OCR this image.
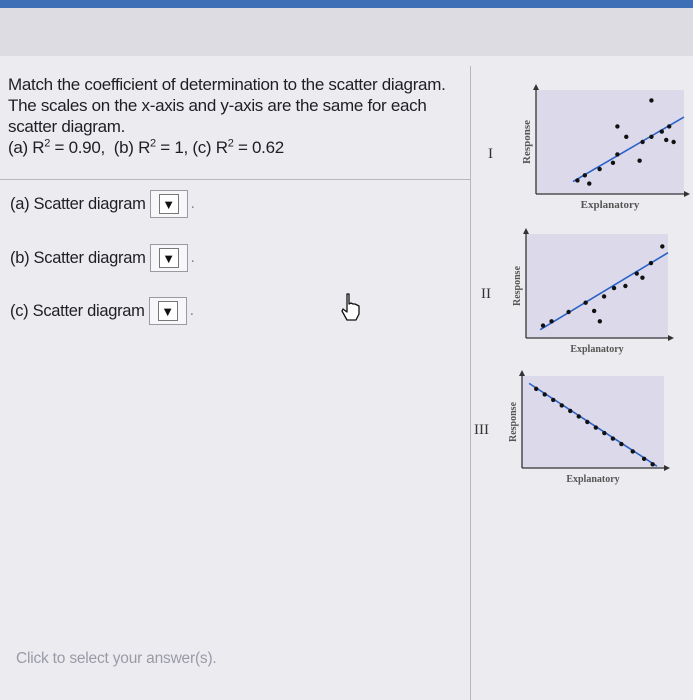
Match the coefficient of determination to the scatter diagram.

The scales on the x-axis and y-axis are the same for each

scatter diagram.

(a) $R^2 = 0.90$, (b) $R^2 = 1$, (c) $R^2 = 0.62$

(a) Scatter diagram ▼ .
(b) Scatter diagram ▼ .
(c) Scatter diagram ▼ .
Click to select your answer(s).
I
Explanatory
Response
II
Explanatory
Response
III
Explanatory
Response
